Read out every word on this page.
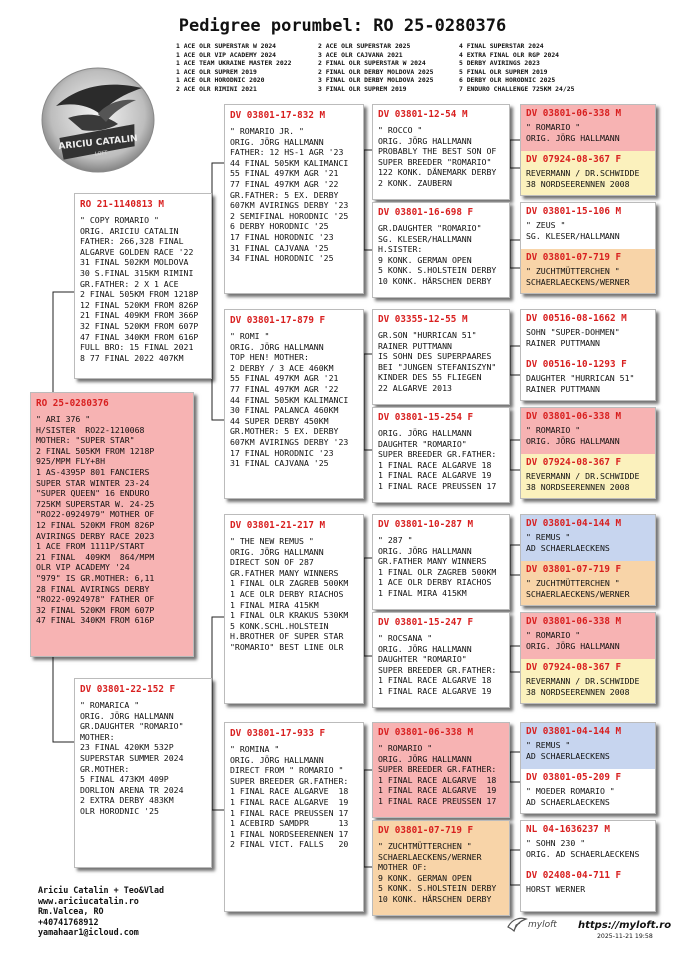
Pedigree porumbel: RO 25-0280376
1 ACE OLR SUPERSTAR W 2024
1 ACE OLR VIP ACADEMY 2024
1 ACE TEAM UKRAINE MASTER 2022
1 ACE OLR SUPREM 2019
1 ACE OLR HORODNIC 2020
2 ACE OLR RIMINI 2021
2 ACE OLR SUPERSTAR 2025
3 ACE OLR CAJVANA 2021
2 FINAL OLR SUPERSTAR W 2024
2 FINAL OLR DERBY MOLDOVA 2025
3 FINAL OLR DERBY MOLDOVA 2025
3 FINAL OLR SUPREM 2019
4 FINAL SUPERSTAR 2024
4 EXTRA FINAL OLR RGP 2024
5 DERBY AVIRINGS 2023
5 FINAL OLR SUPREM 2019
6 DERBY OLR HORODNIC 2025
7 ENDURO CHALLENGE 725KM 24/25
ARICIU CATALIN
LOFT
RO 25-0280376
" ARI 376 "
H/SISTER  RO22-1210068
MOTHER: "SUPER STAR"
2 FINAL 505KM FROM 1218P
925/MPM FLY+8H
1 AS-4395P 801 FANCIERS
SUPER STAR WINTER 23-24
"SUPER QUEEN" 16 ENDURO
725KM SUPERSTAR W. 24-25
"RO22-0924979" MOTHER OF
12 FINAL 520KM FROM 826P
AVIRINGS DERBY RACE 2023
1 ACE FROM 1111P/START
21 FINAL  409KM  864/MPM
OLR VIP ACADEMY '24
"979" IS GR.MOTHER: 6,11
28 FINAL AVIRINGS DERBY
"RO22-0924978" FATHER OF
32 FINAL 520KM FROM 607P
47 FINAL 340KM FROM 616P
RO 21-1140813 M
" COPY ROMARIO "
ORIG. ARICIU CATALIN
FATHER: 266,328 FINAL
ALGARVE GOLDEN RACE '22
31 FINAL 502KM MOLDOVA
30 S.FINAL 315KM RIMINI
GR.FATHER: 2 X 1 ACE
2 FINAL 505KM FROM 1218P
12 FINAL 520KM FROM 826P
21 FINAL 409KM FROM 366P
32 FINAL 520KM FROM 607P
47 FINAL 340KM FROM 616P
FULL BRO: 15 FINAL 2021
8 77 FINAL 2022 407KM
DV 03801-22-152 F
" ROMARICA "
ORIG. JÖRG HALLMANN
GR.DAUGHTER "ROMARIO"
MOTHER:
23 FINAL 420KM 532P
SUPERSTAR SUMMER 2024
GR.MOTHER:
5 FINAL 473KM 409P
DORLION ARENA TR 2024
2 EXTRA DERBY 483KM
OLR HORODNIC '25
DV 03801-17-832 M
" ROMARIO JR. "
ORIG. JÖRG HALLMANN
FATHER: 12 HS-1 AGR '23
44 FINAL 505KM KALIMANCI
55 FINAL 497KM AGR '21
77 FINAL 497KM AGR '22
GR.FATHER: 5 EX. DERBY
607KM AVIRINGS DERBY '23
2 SEMIFINAL HORODNIC '25
6 DERBY HORODNIC '25
17 FINAL HORODNIC '23
31 FINAL CAJVANA '25
34 FINAL HORODNIC '25
DV 03801-17-879 F
" ROMI "
ORIG. JÖRG HALLMANN
TOP HEN! MOTHER:
2 DERBY / 3 ACE 460KM
55 FINAL 497KM AGR '21
77 FINAL 497KM AGR '22
44 FINAL 505KM KALIMANCI
30 FINAL PALANCA 460KM
44 SUPER DERBY 450KM
GR.MOTHER: 5 EX. DERBY
607KM AVIRINGS DERBY '23
17 FINAL HORODNIC '23
31 FINAL CAJVANA '25
DV 03801-21-217 M
" THE NEW REMUS "
ORIG. JÖRG HALLMANN
DIRECT SON OF 287
GR.FATHER MANY WINNERS
1 FINAL OLR ZAGREB 500KM
1 ACE OLR DERBY RIACHOS
1 FINAL MIRA 415KM
1 FINAL OLR KRAKUS 530KM
5 KONK.SCHL.HOLSTEIN
H.BROTHER OF SUPER STAR
"ROMARIO" BEST LINE OLR
DV 03801-17-933 F
" ROMINA "
ORIG. JÖRG HALLMANN
DIRECT FROM " ROMARIO "
SUPER BREEDER GR.FATHER:
1 FINAL RACE ALGARVE  18
1 FINAL RACE ALGARVE  19
1 FINAL RACE PREUSSEN 17
1 ACEBIRD SAMDPR      13
1 FINAL NORDSEERENNEN 17
2 FINAL VICT. FALLS   20
DV 03801-12-54 M
" ROCCO "
ORIG. JÖRG HALLMANN
PROBABLY THE BEST SON OF
SUPER BREEDER "ROMARIO"
122 KONK. DÄNEMARK DERBY
2 KONK. ZAUBERN
DV 03801-16-698 F
GR.DAUGHTER "ROMARIO"
SG. KLESER/HALLMANN
H.SISTER:
9 KONK. GERMAN OPEN
5 KONK. S.HOLSTEIN DERBY
10 KONK. HÄRSCHEN DERBY
DV 03355-12-55 M
GR.SON "HURRICAN 51"
RAINER PUTTMANN
IS SOHN DES SUPERPAARES
BEI "JUNGEN STEFANISZYN"
KINDER DES 55 FLIEGEN
22 ALGARVE 2013
DV 03801-15-254 F
ORIG. JÖRG HALLMANN
DAUGHTER "ROMARIO"
SUPER BREEDER GR.FATHER:
1 FINAL RACE ALGARVE 18
1 FINAL RACE ALGARVE 19
1 FINAL RACE PREUSSEN 17
DV 03801-10-287 M
" 287 "
ORIG. JÖRG HALLMANN
GR.FATHER MANY WINNERS
1 FINAL OLR ZAGREB 500KM
1 ACE OLR DERBY RIACHOS
1 FINAL MIRA 415KM
DV 03801-15-247 F
" ROCSANA "
ORIG. JÖRG HALLMANN
DAUGHTER "ROMARIO"
SUPER BREEDER GR.FATHER:
1 FINAL RACE ALGARVE 18
1 FINAL RACE ALGARVE 19
DV 03801-06-338 M
" ROMARIO "
ORIG. JÖRG HALLMANN
SUPER BREEDER GR.FATHER:
1 FINAL RACE ALGARVE  18
1 FINAL RACE ALGARVE  19
1 FINAL RACE PREUSSEN 17
DV 03801-07-719 F
" ZUCHTMÜTTERCHEN "
SCHAERLAECKENS/WERNER
MOTHER OF:
9 KONK. GERMAN OPEN
5 KONK. S.HOLSTEIN DERBY
10 KONK. HÄRSCHEN DERBY
DV 03801-06-338 M
" ROMARIO "
ORIG. JÖRG HALLMANN
DV 07924-08-367 F
REVERMANN / DR.SCHWIDDE
38 NORDSEERENNEN 2008
DV 03801-15-106 M
" ZEUS "
SG. KLESER/HALLMANN
DV 03801-07-719 F
" ZUCHTMÜTTERCHEN "
SCHAERLAECKENS/WERNER
DV 00516-08-1662 M
SOHN "SUPER-DOHMEN"
RAINER PUTTMANN
DV 00516-10-1293 F
DAUGHTER "HURRICAN 51"
RAINER PUTTMANN
DV 03801-06-338 M
" ROMARIO "
ORIG. JÖRG HALLMANN
DV 07924-08-367 F
REVERMANN / DR.SCHWIDDE
38 NORDSEERENNEN 2008
DV 03801-04-144 M
" REMUS "
AD SCHAERLAECKENS
DV 03801-07-719 F
" ZUCHTMÜTTERCHEN "
SCHAERLAECKENS/WERNER
DV 03801-06-338 M
" ROMARIO "
ORIG. JÖRG HALLMANN
DV 07924-08-367 F
REVERMANN / DR.SCHWIDDE
38 NORDSEERENNEN 2008
DV 03801-04-144 M
" REMUS "
AD SCHAERLAECKENS
DV 03801-05-209 F
" MOEDER ROMARIO "
AD SCHAERLAECKENS
NL 04-1636237 M
" SOHN 230 "
ORIG. AD SCHAERLAECKENS
DV 02408-04-711 F
HORST WERNER
Ariciu Catalin + Teo&Vlad
www.ariciucatalin.ro
Rm.Valcea, RO
+40741768912
yamahaar1@icloud.com
myloft https://myloft.ro
2025-11-21 19:58
